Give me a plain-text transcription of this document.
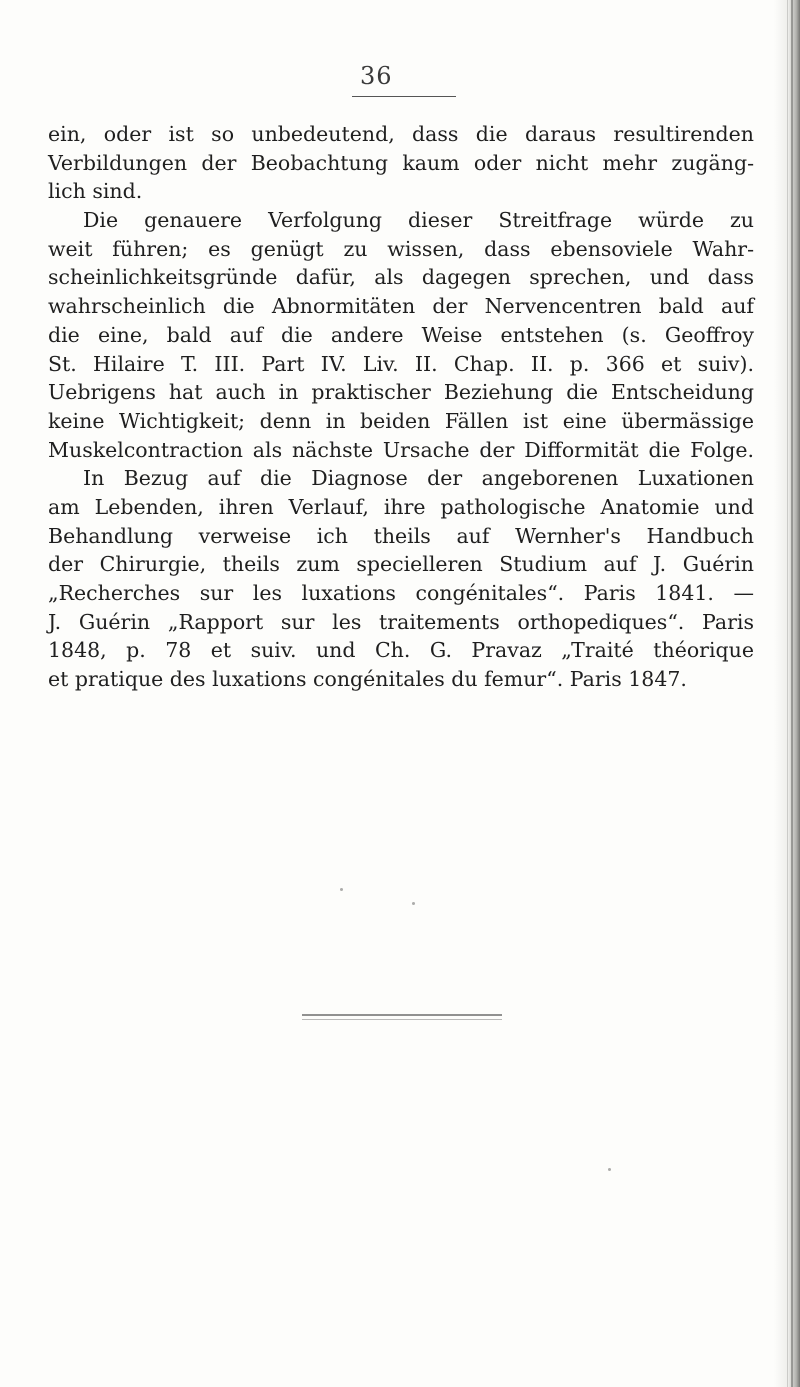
36
ein, oder ist so unbedeutend, dass die daraus resultirenden
Verbildungen der Beobachtung kaum oder nicht mehr zugäng-
lich sind.
Die genauere Verfolgung dieser Streitfrage würde zu
weit führen; es genügt zu wissen, dass ebensoviele Wahr-
scheinlichkeitsgründe dafür, als dagegen sprechen, und dass
wahrscheinlich die Abnormitäten der Nervencentren bald auf
die eine, bald auf die andere Weise entstehen (s. Geoffroy
St. Hilaire T. III. Part IV. Liv. II. Chap. II. p. 366 et suiv).
Uebrigens hat auch in praktischer Beziehung die Entscheidung
keine Wichtigkeit; denn in beiden Fällen ist eine übermässige
Muskelcontraction als nächste Ursache der Difformität die Folge.
In Bezug auf die Diagnose der angeborenen Luxationen
am Lebenden, ihren Verlauf, ihre pathologische Anatomie und
Behandlung verweise ich theils auf Wernher's Handbuch
der Chirurgie, theils zum specielleren Studium auf J. Guérin
„Recherches sur les luxations congénitales“. Paris 1841. —
J. Guérin „Rapport sur les traitements orthopediques“. Paris
1848, p. 78 et suiv. und Ch. G. Pravaz „Traité théorique
et pratique des luxations congénitales du femur“. Paris 1847.
